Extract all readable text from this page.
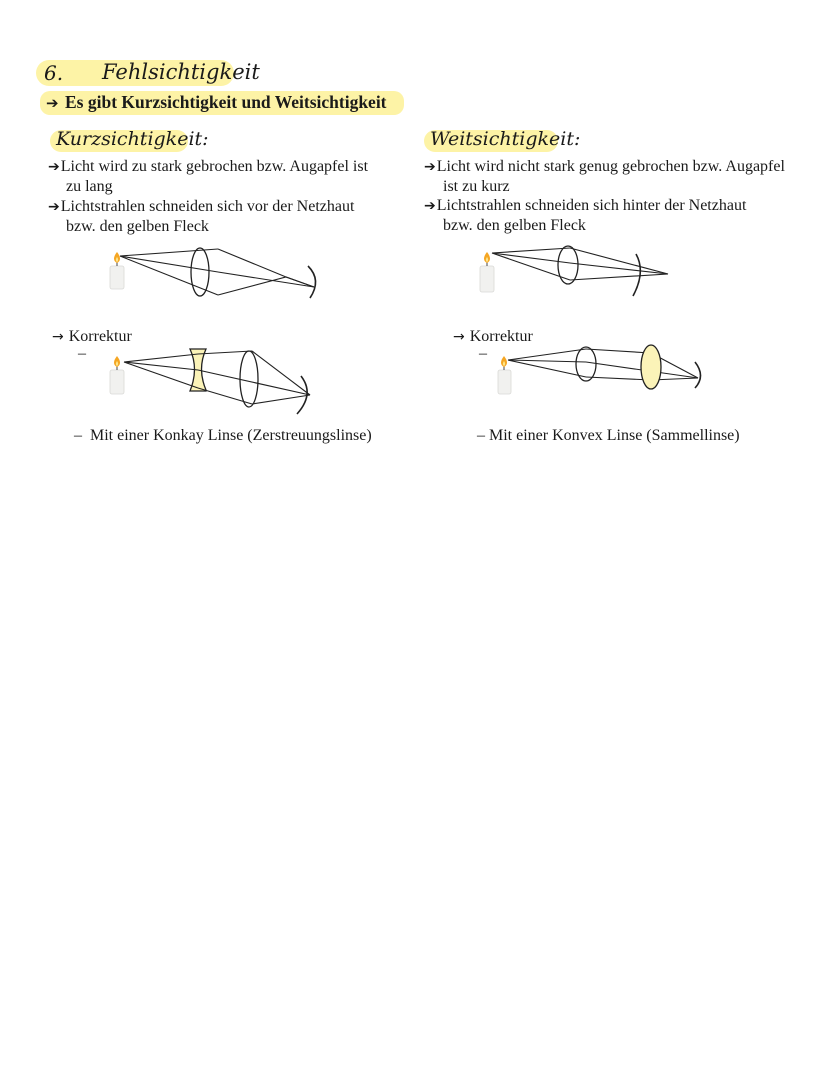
6. Fehlsichtigkeit
➔ Es gibt Kurzsichtigkeit und Weitsichtigkeit
Kurzsichtigkeit:
➔Licht wird zu stark gebrochen bzw. Augapfel ist
zu lang
➔Lichtstrahlen schneiden sich vor der Netzhaut
bzw. den gelben Fleck
→ Korrektur
–
– Mit einer Konkay Linse (Zerstreuungslinse)
Weitsichtigkeit:
➔Licht wird nicht stark genug gebrochen bzw. Augapfel
ist zu kurz
➔Lichtstrahlen schneiden sich hinter der Netzhaut
bzw. den gelben Fleck
→ Korrektur
–
– Mit einer Konvex Linse (Sammellinse)
